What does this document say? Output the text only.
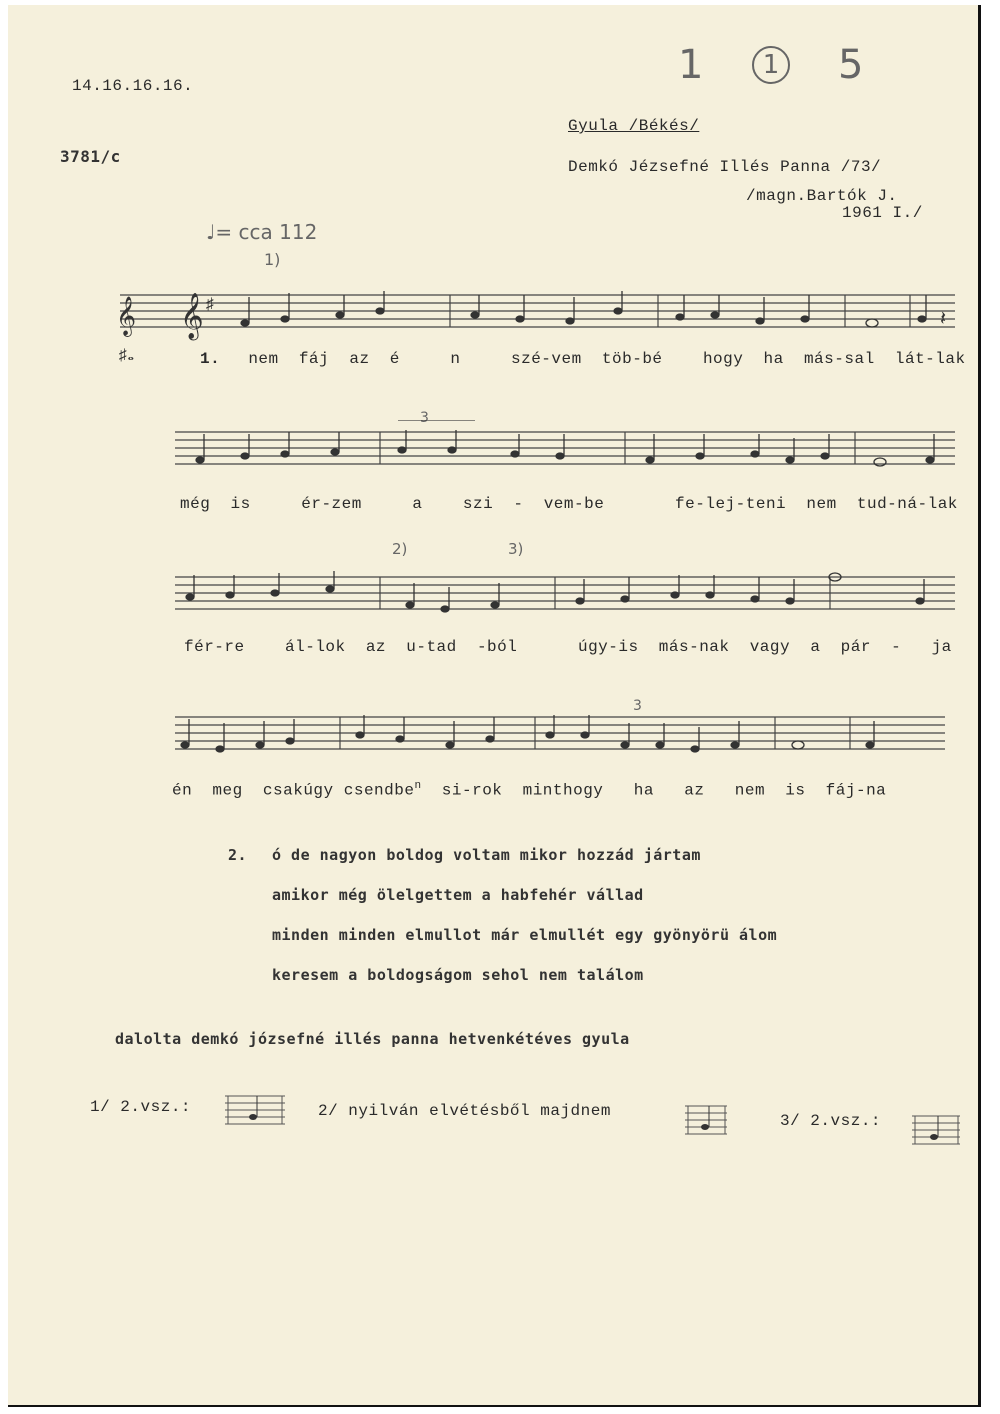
14.16.16.16.
3781/c
1	1 5
Gyula /Békés/
Demkó Jézsefné Illés Panna /73/
/magn.Bartók J.
1961 I./
♩= cca 112
1)
𝄞 𝄞 ♯
♯𝅝
𝄽
1. nem fáj az é	n	szé-vem töb-bé	hogy ha más-sal lát-lak
3
még is	ér-zem	a	szi - vem-be	fe-lej-teni nem tud-ná-lak
2)	3)
fér-re	ál-lok az u-tad -ból	úgy-is más-nak vagy a pár - ja
3
én meg csakúgy csendbe$^n$ si-rok minthogy ha az nem is fáj-na
2. ó de nagyon boldog voltam mikor hozzád jártam
amikor még ölelgettem a habfehér vállad
minden minden elmullot már elmullét egy gyönyörü álom
keresem a boldogságom sehol nem találom
dalolta demkó józsefné illés panna hetvenkétéves gyula
1/ 2.vsz.:	2/ nyilván elvétésből majdnem
3/ 2.vsz.:
